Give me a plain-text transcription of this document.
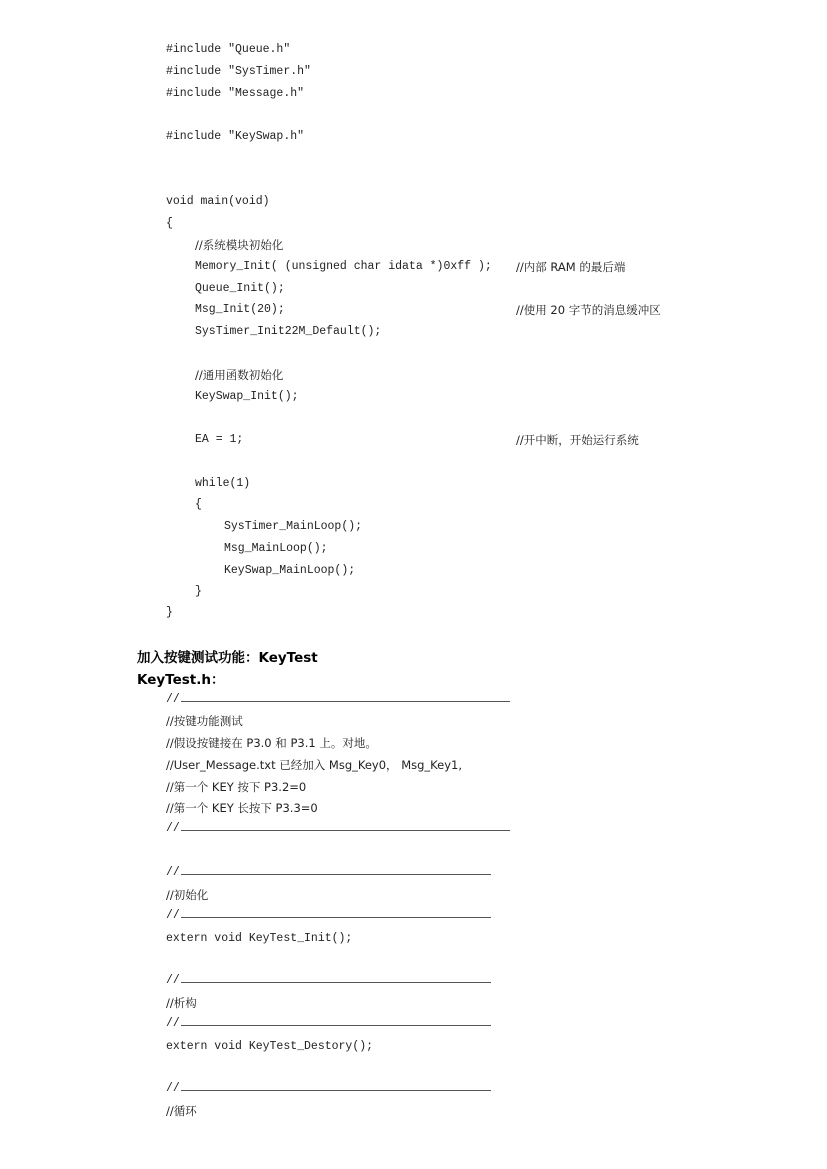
#include "Queue.h"
#include "SysTimer.h"
#include "Message.h"
#include "KeySwap.h"
void main(void)
{
//系统模块初始化
Memory_Init( (unsigned char idata *)0xff ); //内部 RAM 的最后端
Queue_Init();
Msg_Init(20);	//使用 20 字节的消息缓冲区
SysTimer_Init22M_Default();
//通用函数初始化
KeySwap_Init();
EA = 1;	//开中断，开始运行系统
while(1)
{
SysTimer_MainLoop();
Msg_MainLoop();
KeySwap_MainLoop();
}
}
加入按键测试功能：KeyTest
KeyTest.h：
//
//按键功能测试
//假设按键接在 P3.0 和 P3.1 上。对地。
//User_Message.txt 已经加入 Msg_Key0， Msg_Key1,
//第一个 KEY 按下 P3.2=0
//第一个 KEY 长按下 P3.3=0
//
//
//初始化
//
extern void KeyTest_Init();
//
//析构
//
extern void KeyTest_Destory();
//
//循环
